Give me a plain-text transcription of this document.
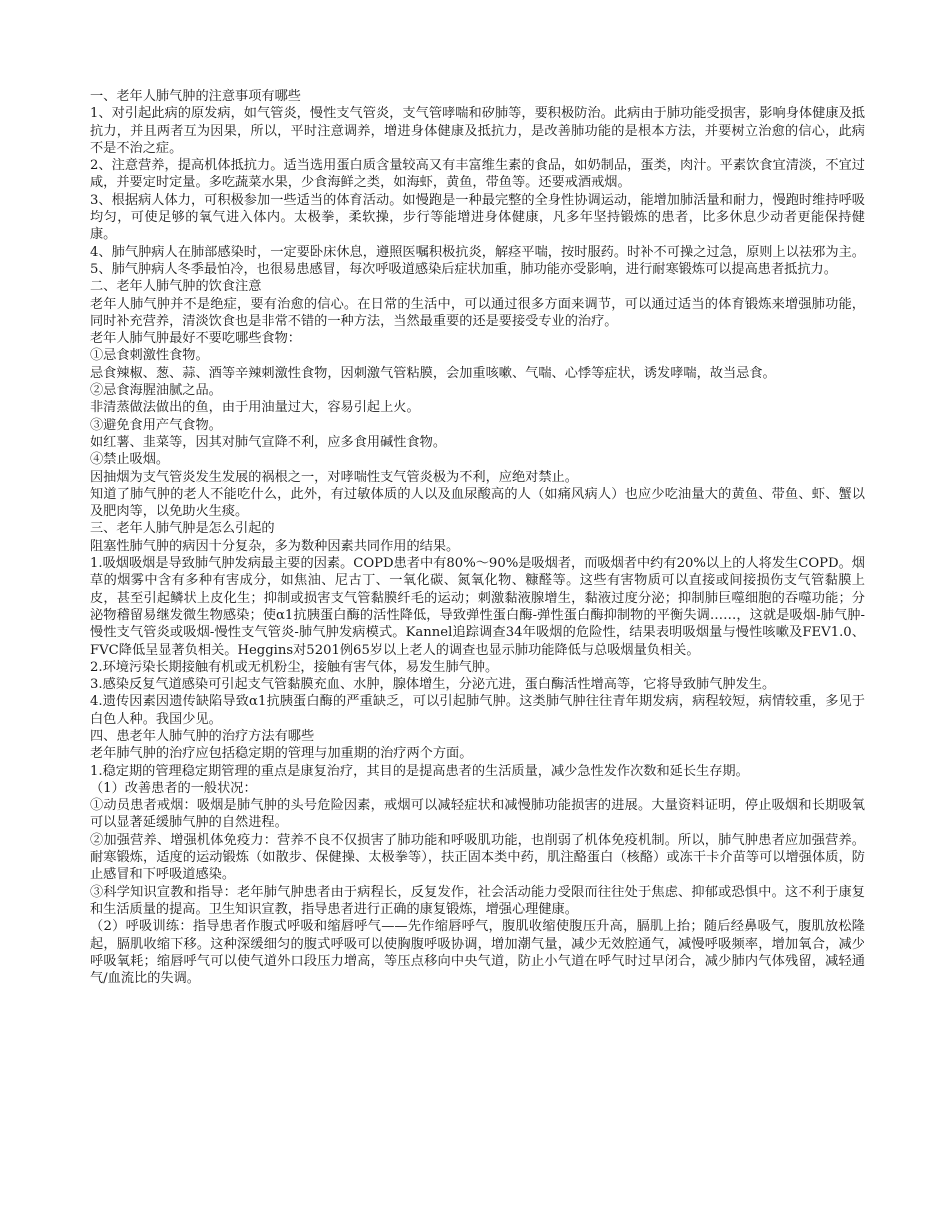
一、老年人肺气肿的注意事项有哪些

1、对引起此病的原发病，如气管炎，慢性支气管炎，支气管哮喘和矽肺等，要积极防治。此病由于肺功能受损害，影响身体健康及抵抗力，并且两者互为因果，所以，平时注意调养，增进身体健康及抵抗力，是改善肺功能的是根本方法，并要树立治愈的信心，此病不是不治之症。

2、注意营养，提高机体抵抗力。适当选用蛋白质含量较高又有丰富维生素的食品，如奶制品，蛋类，肉汁。平素饮食宜清淡，不宜过咸，并要定时定量。多吃蔬菜水果，少食海鲜之类，如海虾，黄鱼，带鱼等。还要戒酒戒烟。

3、根据病人体力，可积极参加一些适当的体育活动。如慢跑是一种最完整的全身性协调运动，能增加肺活量和耐力，慢跑时维持呼吸均匀，可使足够的氧气进入体内。太极拳，柔软操，步行等能增进身体健康，凡多年坚持锻炼的患者，比多休息少动者更能保持健康。

4、肺气肿病人在肺部感染时，一定要卧床休息，遵照医嘱积极抗炎，解痉平喘，按时服药。时补不可操之过急，原则上以祛邪为主。5、肺气肿病人冬季最怕冷，也很易患感冒，每次呼吸道感染后症状加重，肺功能亦受影响，进行耐寒锻炼可以提高患者抵抗力。

二、老年人肺气肿的饮食注意

老年人肺气肿并不是绝症，要有治愈的信心。在日常的生活中，可以通过很多方面来调节，可以通过适当的体育锻炼来增强肺功能，同时补充营养，清淡饮食也是非常不错的一种方法，当然最重要的还是要接受专业的治疗。

老年人肺气肿最好不要吃哪些食物：

①忌食刺激性食物。

忌食辣椒、葱、蒜、酒等辛辣刺激性食物，因刺激气管粘膜，会加重咳嗽、气喘、心悸等症状，诱发哮喘，故当忌食。

②忌食海腥油腻之品。

非清蒸做法做出的鱼，由于用油量过大，容易引起上火。

③避免食用产气食物。

如红薯、韭菜等，因其对肺气宣降不利，应多食用碱性食物。

④禁止吸烟。

因抽烟为支气管炎发生发展的祸根之一，对哮喘性支气管炎极为不利，应绝对禁止。

知道了肺气肿的老人不能吃什么，此外，有过敏体质的人以及血尿酸高的人（如痛风病人）也应少吃油量大的黄鱼、带鱼、虾、蟹以及肥肉等，以免助火生痰。

三、老年人肺气肿是怎么引起的

阻塞性肺气肿的病因十分复杂，多为数种因素共同作用的结果。

1.吸烟吸烟是导致肺气肿发病最主要的因素。COPD患者中有80%～90%是吸烟者，而吸烟者中约有20%以上的人将发生COPD。烟草的烟雾中含有多种有害成分，如焦油、尼古丁、一氧化碳、氮氧化物、糠醛等。这些有害物质可以直接或间接损伤支气管黏膜上皮，甚至引起鳞状上皮化生；抑制或损害支气管黏膜纤毛的运动；刺激黏液腺增生，黏液过度分泌；抑制肺巨噬细胞的吞噬功能；分泌物稽留易继发微生物感染；使α1抗胰蛋白酶的活性降低，导致弹性蛋白酶-弹性蛋白酶抑制物的平衡失调……，这就是吸烟-肺气肿-慢性支气管炎或吸烟-慢性支气管炎-肺气肿发病模式。Kannel追踪调查34年吸烟的危险性，结果表明吸烟量与慢性咳嗽及FEV1.0、FVC降低呈显著负相关。Heggins对5201例65岁以上老人的调查也显示肺功能降低与总吸烟量负相关。

2.环境污染长期接触有机或无机粉尘，接触有害气体，易发生肺气肿。

3.感染反复气道感染可引起支气管黏膜充血、水肿，腺体增生，分泌亢进，蛋白酶活性增高等，它将导致肺气肿发生。

4.遗传因素因遗传缺陷导致α1抗胰蛋白酶的严重缺乏，可以引起肺气肿。这类肺气肿往往青年期发病，病程较短，病情较重，多见于白色人种。我国少见。

四、患老年人肺气肿的治疗方法有哪些

老年肺气肿的治疗应包括稳定期的管理与加重期的治疗两个方面。

1.稳定期的管理稳定期管理的重点是康复治疗，其目的是提高患者的生活质量，减少急性发作次数和延长生存期。

（1）改善患者的一般状况：

①动员患者戒烟：吸烟是肺气肿的头号危险因素，戒烟可以减轻症状和减慢肺功能损害的进展。大量资料证明，停止吸烟和长期吸氧可以显著延缓肺气肿的自然进程。

②加强营养、增强机体免疫力：营养不良不仅损害了肺功能和呼吸肌功能，也削弱了机体免疫机制。所以，肺气肿患者应加强营养。耐寒锻炼，适度的运动锻炼（如散步、保健操、太极拳等），扶正固本类中药，肌注酪蛋白（核酪）或冻干卡介苗等可以增强体质，防止感冒和下呼吸道感染。

③科学知识宣教和指导：老年肺气肿患者由于病程长，反复发作，社会活动能力受限而往往处于焦虑、抑郁或恐惧中。这不利于康复和生活质量的提高。卫生知识宣教，指导患者进行正确的康复锻炼，增强心理健康。

（2）呼吸训练：指导患者作腹式呼吸和缩唇呼气——先作缩唇呼气，腹肌收缩使腹压升高，膈肌上抬；随后经鼻吸气，腹肌放松隆起，膈肌收缩下移。这种深缓细匀的腹式呼吸可以使胸腹呼吸协调，增加潮气量，减少无效腔通气，减慢呼吸频率，增加氧合，减少呼吸氧耗；缩唇呼气可以使气道外口段压力增高，等压点移向中央气道，防止小气道在呼气时过早闭合，减少肺内气体残留，减轻通气/血流比的失调。
